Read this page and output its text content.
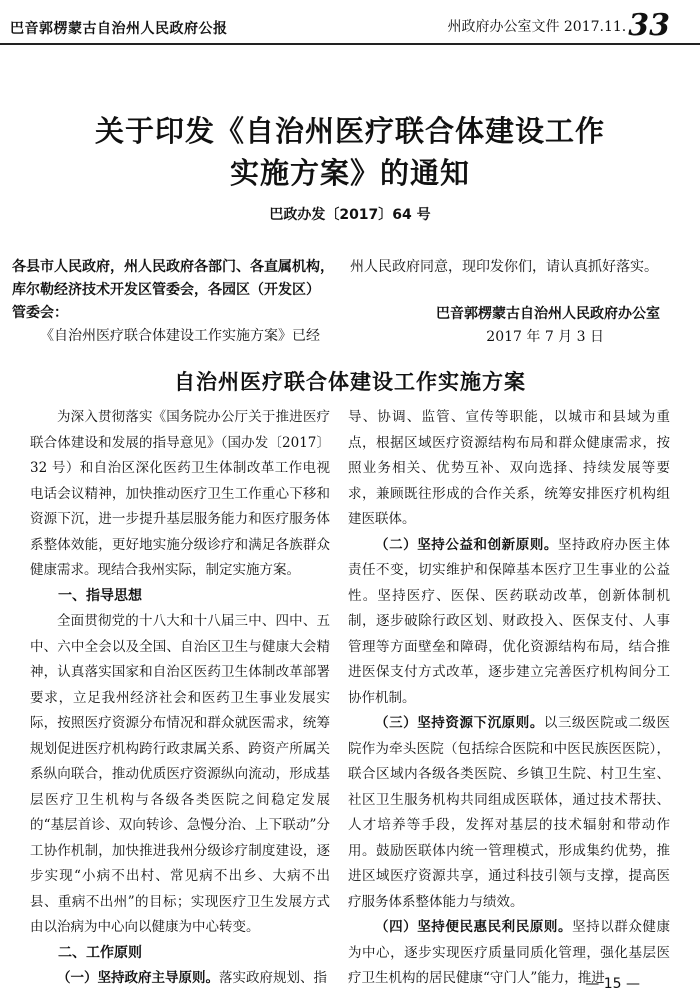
巴音郭楞蒙古自治州人民政府公报	州政府办公室文件 2017.11. 33
关于印发《自治州医疗联合体建设工作
实施方案》的通知
巴政办发〔2017〕64 号
各县市人民政府，州人民政府各部门、各直属机构，
库尔勒经济技术开发区管委会，各园区（开发区）
管委会：
《自治州医疗联合体建设工作实施方案》已经
州人民政府同意，现印发你们，请认真抓好落实。
巴音郭楞蒙古自治州人民政府办公室
2017 年 7 月 3 日
自治州医疗联合体建设工作实施方案

为深入贯彻落实《国务院办公厅关于推进医疗联合体建设和发展的指导意见》（国办发〔2017〕32 号）和自治区深化医药卫生体制改革工作电视电话会议精神，加快推动医疗卫生工作重心下移和资源下沉，进一步提升基层服务能力和医疗服务体系整体效能，更好地实施分级诊疗和满足各族群众健康需求。现结合我州实际，制定实施方案。

一、指导思想

全面贯彻党的十八大和十八届三中、四中、五中、六中全会以及全国、自治区卫生与健康大会精神，认真落实国家和自治区医药卫生体制改革部署要求，立足我州经济社会和医药卫生事业发展实际，按照医疗资源分布情况和群众就医需求，统筹规划促进医疗机构跨行政隶属关系、跨资产所属关系纵向联合，推动优质医疗资源纵向流动，形成基层医疗卫生机构与各级各类医院之间稳定发展的“基层首诊、双向转诊、急慢分治、上下联动”分工协作机制，加快推进我州分级诊疗制度建设，逐步实现“小病不出村、常见病不出乡、大病不出县、重病不出州”的目标；实现医疗卫生发展方式由以治病为中心向以健康为中心转变。

二、工作原则

（一）坚持政府主导原则。落实政府规划、指

导、协调、监管、宣传等职能，以城市和县域为重点，根据区域医疗资源结构布局和群众健康需求，按照业务相关、优势互补、双向选择、持续发展等要求，兼顾既往形成的合作关系，统筹安排医疗机构组建医联体。

（二）坚持公益和创新原则。坚持政府办医主体责任不变，切实维护和保障基本医疗卫生事业的公益性。坚持医疗、医保、医药联动改革，创新体制机制，逐步破除行政区划、财政投入、医保支付、人事管理等方面壁垒和障碍，优化资源结构布局，结合推进医保支付方式改革，逐步建立完善医疗机构间分工协作机制。

（三）坚持资源下沉原则。以三级医院或二级医院作为牵头医院（包括综合医院和中医民族医医院），联合区域内各级各类医院、乡镇卫生院、村卫生室、社区卫生服务机构共同组成医联体，通过技术帮扶、人才培养等手段，发挥对基层的技术辐射和带动作用。鼓励医联体内统一管理模式，形成集约优势，推进区域医疗资源共享，通过科技引领与支撑，提高医疗服务体系整体能力与绩效。

（四）坚持便民惠民利民原则。坚持以群众健康为中心，逐步实现医疗质量同质化管理，强化基层医疗卫生机构的居民健康“守门人”能力，推进

— 15 —
